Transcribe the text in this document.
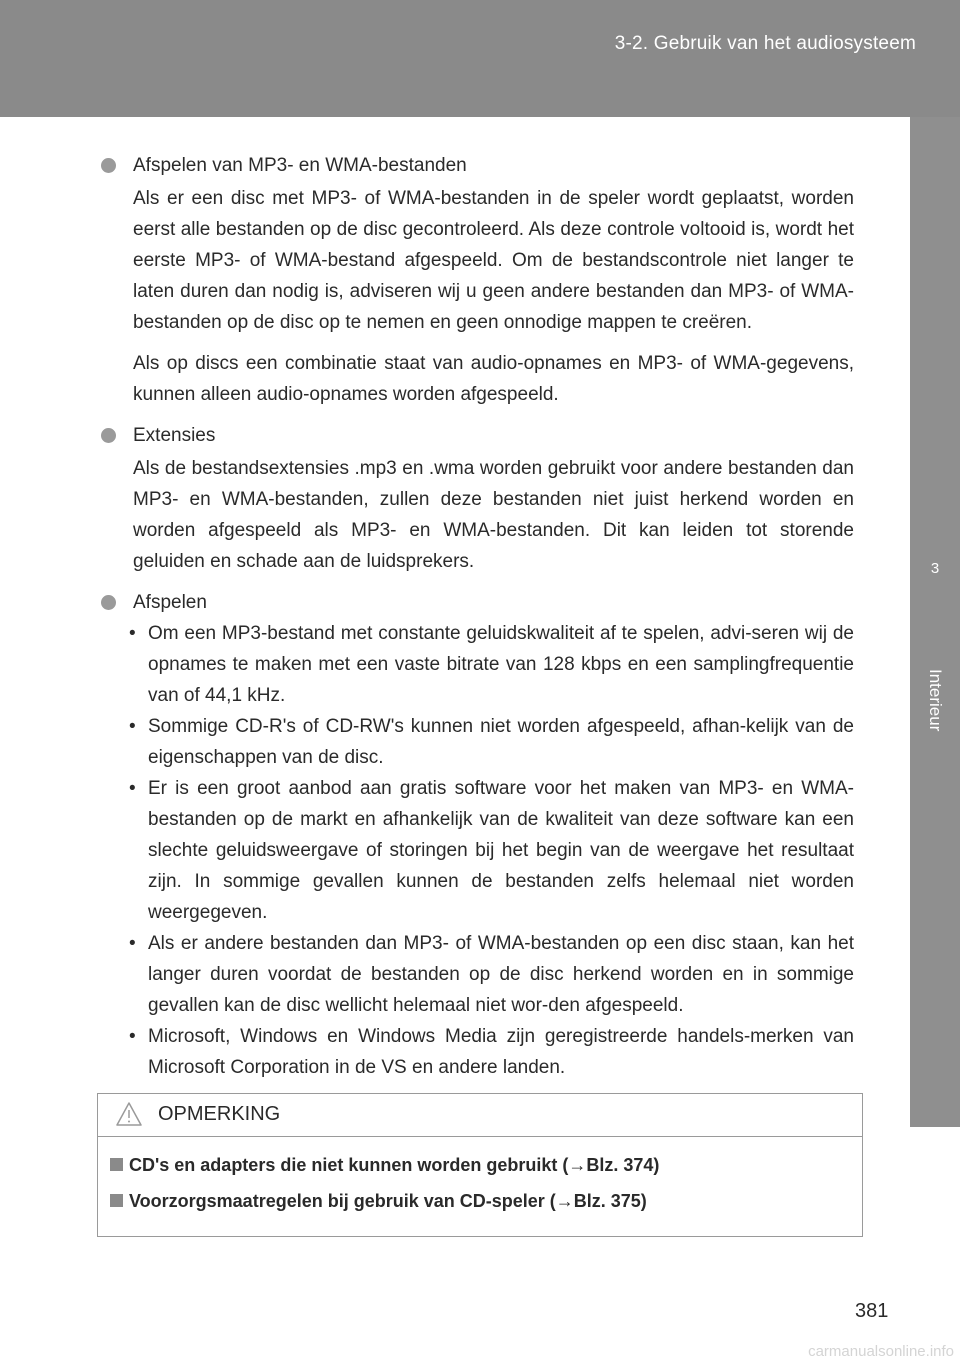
3-2. Gebruik van het audiosysteem
3
Interieur
Afspelen van MP3- en WMA-bestanden

Als er een disc met MP3- of WMA-bestanden in de speler wordt geplaatst, worden eerst alle bestanden op de disc gecontroleerd. Als deze controle voltooid is, wordt het eerste MP3- of WMA-bestand afgespeeld. Om de bestandscontrole niet langer te laten duren dan nodig is, adviseren wij u geen andere bestanden dan MP3- of WMA-bestanden op de disc op te nemen en geen onnodige mappen te creëren.

Als op discs een combinatie staat van audio-opnames en MP3- of WMA-gegevens, kunnen alleen audio-opnames worden afgespeeld.

Extensies

Als de bestandsextensies .mp3 en .wma worden gebruikt voor andere bestanden dan MP3- en WMA-bestanden, zullen deze bestanden niet juist herkend worden en worden afgespeeld als MP3- en WMA-bestanden. Dit kan leiden tot storende geluiden en schade aan de luidsprekers.

Afspelen
• Om een MP3-bestand met constante geluidskwaliteit af te spelen, advi-seren wij de opnames te maken met een vaste bitrate van 128 kbps en een samplingfrequentie van of 44,1 kHz.
• Sommige CD-R's of CD-RW's kunnen niet worden afgespeeld, afhan-kelijk van de eigenschappen van de disc.
• Er is een groot aanbod aan gratis software voor het maken van MP3- en WMA-bestanden op de markt en afhankelijk van de kwaliteit van deze software kan een slechte geluidsweergave of storingen bij het begin van de weergave het resultaat zijn. In sommige gevallen kunnen de bestanden zelfs helemaal niet worden weergegeven.
• Als er andere bestanden dan MP3- of WMA-bestanden op een disc staan, kan het langer duren voordat de bestanden op de disc herkend worden en in sommige gevallen kan de disc wellicht helemaal niet wor-den afgespeeld.
• Microsoft, Windows en Windows Media zijn geregistreerde handels-merken van Microsoft Corporation in de VS en andere landen.
OPMERKING
CD's en adapters die niet kunnen worden gebruikt (→Blz. 374)
Voorzorgsmaatregelen bij gebruik van CD-speler (→Blz. 375)
381
carmanualsonline.info
